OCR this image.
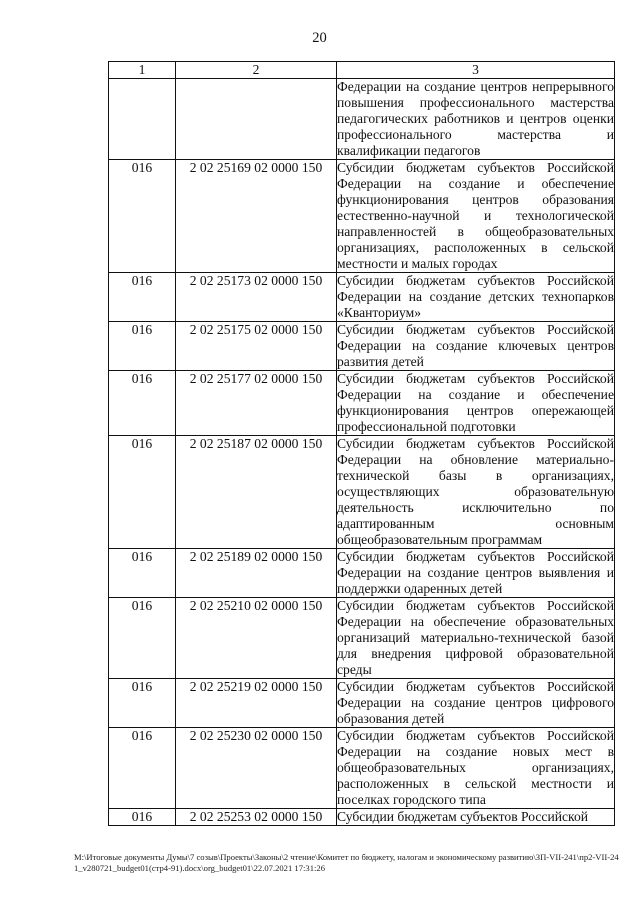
20
1	2	3
		Федерации на создание центров непрерывного повышения профессионального мастерства педагогических работников и центров оценки профессионального мастерства и квалификации педагогов
016	2 02 25169 02 0000 150	Субсидии бюджетам субъектов Российской Федерации на создание и обеспечение функционирования центров образования естественно-научной и технологической направленностей в общеобразовательных организациях, расположенных в сельской местности и малых городах
016	2 02 25173 02 0000 150	Субсидии бюджетам субъектов Российской Федерации на создание детских технопарков «Кванториум»
016	2 02 25175 02 0000 150	Субсидии бюджетам субъектов Российской Федерации на создание ключевых центров развития детей
016	2 02 25177 02 0000 150	Субсидии бюджетам субъектов Российской Федерации на создание и обеспечение функционирования центров опережающей профессиональной подготовки
016	2 02 25187 02 0000 150	Субсидии бюджетам субъектов Российской Федерации на обновление материально-технической базы в организациях, осуществляющих образовательную деятельность исключительно по адаптированным основным общеобразовательным программам
016	2 02 25189 02 0000 150	Субсидии бюджетам субъектов Российской Федерации на создание центров выявления и поддержки одаренных детей
016	2 02 25210 02 0000 150	Субсидии бюджетам субъектов Российской Федерации на обеспечение образовательных организаций материально-технической базой для внедрения цифровой образовательной среды
016	2 02 25219 02 0000 150	Субсидии бюджетам субъектов Российской Федерации на создание центров цифрового образования детей
016	2 02 25230 02 0000 150	Субсидии бюджетам субъектов Российской Федерации на создание новых мест в общеобразовательных организациях, расположенных в сельской местности и поселках городского типа
016	2 02 25253 02 0000 150	Субсидии бюджетам субъектов Российской
M:\Итоговые документы Думы\7 созыв\Проекты\Законы\2 чтение\Комитет по бюджету, налогам и экономическому развитию\ЗП-VII-241\пр2-VII-241_v280721_budget01(стр4-91).docx\org_budget01\22.07.2021 17:31:26
